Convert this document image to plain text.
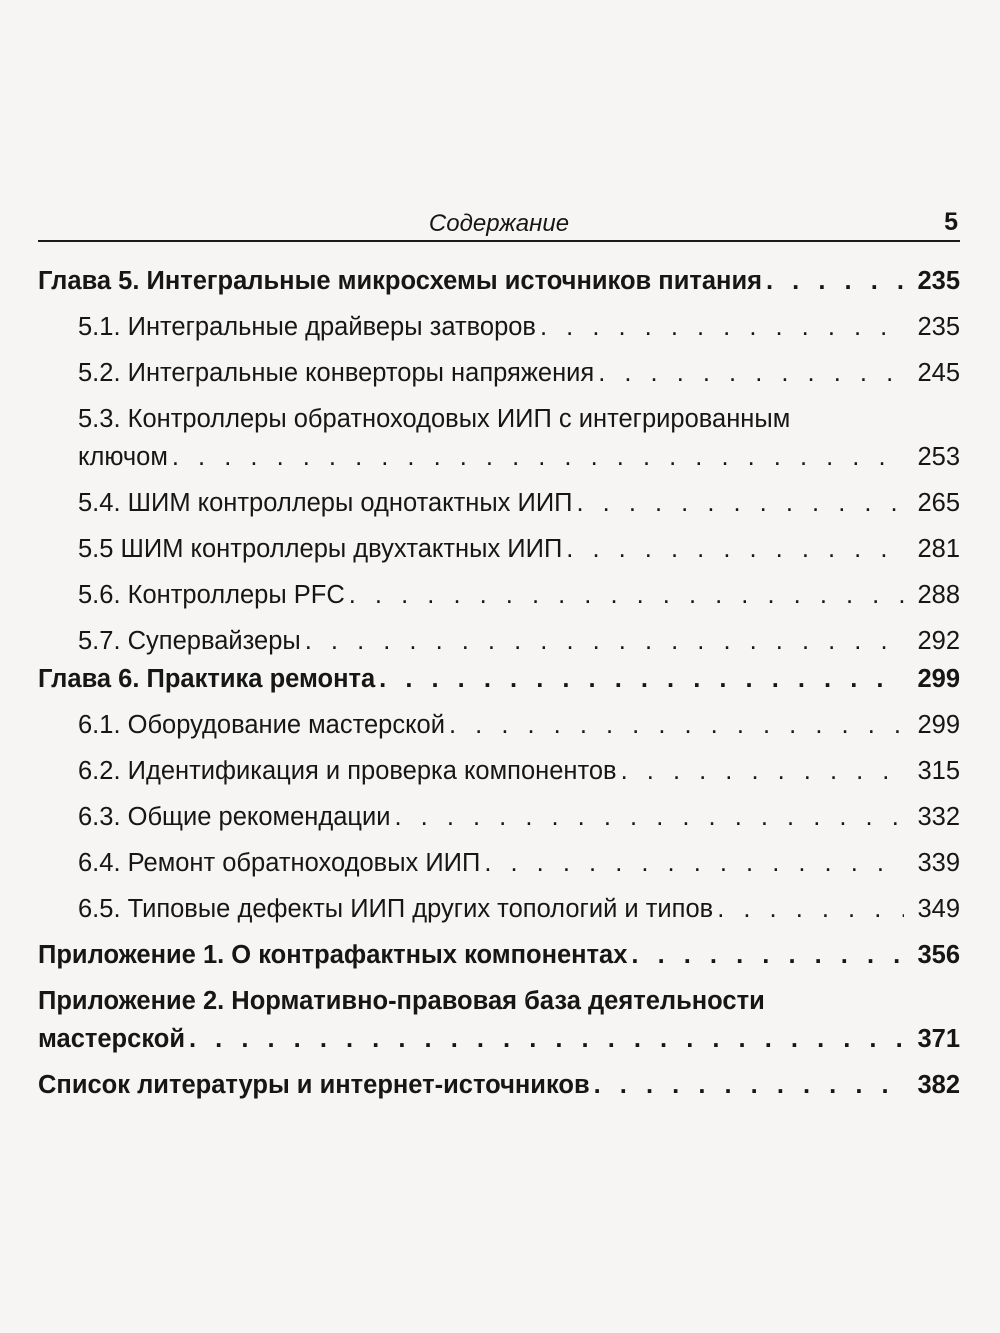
Содержание	5
Глава 5. Интегральные микросхемы источников питания . . .	235
5.1. Интегральные драйверы затворов . . .	235
5.2. Интегральные конверторы напряжения . . .	245
5.3. Контроллеры обратноходовых ИИП с интегрированным
ключом . . .	253
5.4. ШИМ контроллеры однотактных ИИП . . .	265
5.5 ШИМ контроллеры двухтактных ИИП . . .	281
5.6. Контроллеры PFC . . .	288
5.7. Супервайзеры . . .	292
Глава 6. Практика ремонта . . .	299
6.1. Оборудование мастерской . . .	299
6.2. Идентификация и проверка компонентов . . .	315
6.3. Общие рекомендации . . .	332
6.4. Ремонт обратноходовых ИИП . . .	339
6.5. Типовые дефекты ИИП других топологий и типов . . .	349
Приложение 1. О контрафактных компонентах . . .	356
Приложение 2. Нормативно-правовая база деятельности
мастерской . . .	371
Список литературы и интернет-источников . . .	382
